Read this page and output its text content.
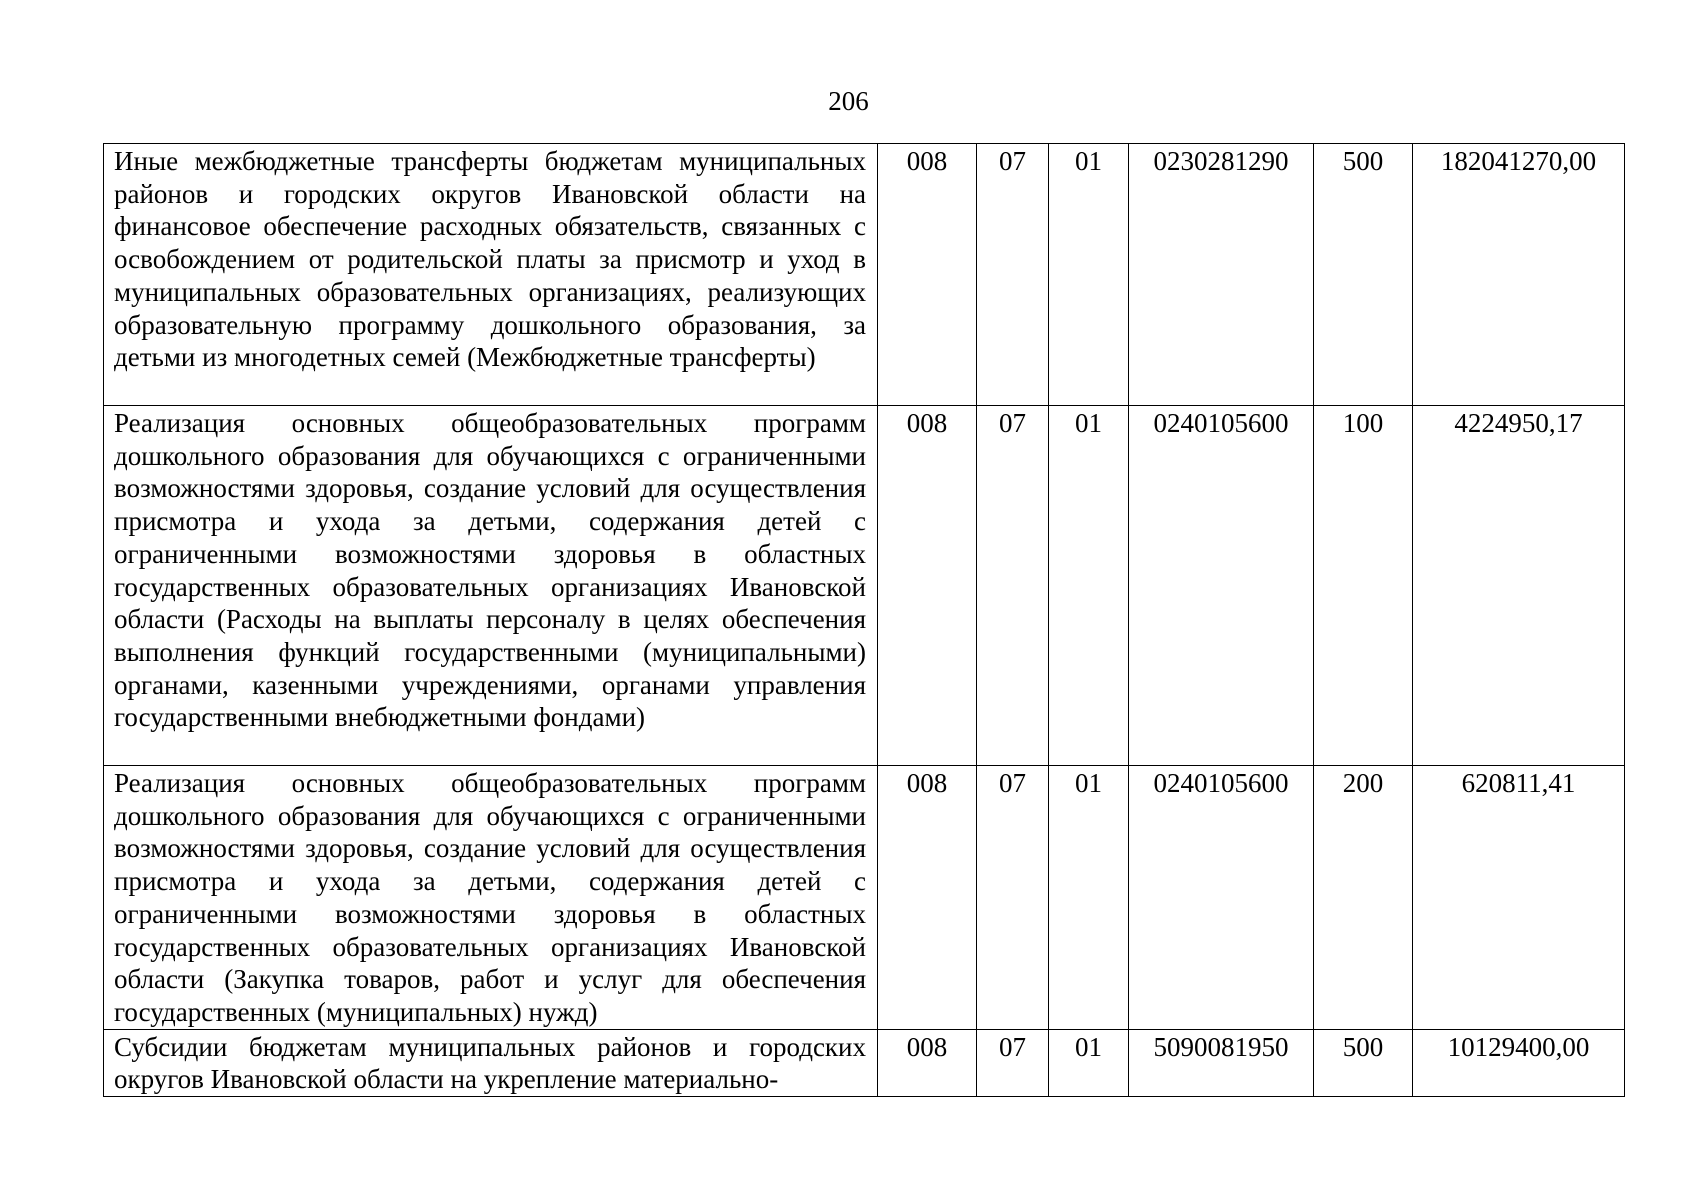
206
Иные межбюджетные трансферты бюджетам муниципальных районов и городских округов Ивановской области на финансовое обеспечение расходных обязательств, связанных с освобождением от родительской платы за присмотр и уход в муниципальных образовательных организациях, реализующих образовательную программу дошкольного образования, за детьми из многодетных семей (Межбюджетные трансферты)	008	07	01	0230281290	500	182041270,00
Реализация основных общеобразовательных программ дошкольного образования для обучающихся с ограниченными возможностями здоровья, создание условий для осуществления присмотра и ухода за детьми, содержания детей с ограниченными возможностями здоровья в областных государственных образовательных организациях Ивановской области (Расходы на выплаты персоналу в целях обеспечения выполнения функций государственными (муниципальными) органами, казенными учреждениями, органами управления государственными внебюджетными фондами)	008	07	01	0240105600	100	4224950,17
Реализация основных общеобразовательных программ дошкольного образования для обучающихся с ограниченными возможностями здоровья, создание условий для осуществления присмотра и ухода за детьми, содержания детей с ограниченными возможностями здоровья в областных государственных образовательных организациях Ивановской области (Закупка товаров, работ и услуг для обеспечения государственных (муниципальных) нужд)	008	07	01	0240105600	200	620811,41

Субсидии бюджетам муниципальных районов и городских округов Ивановской области на укрепление материально-	008	07	01	5090081950	500	10129400,00
